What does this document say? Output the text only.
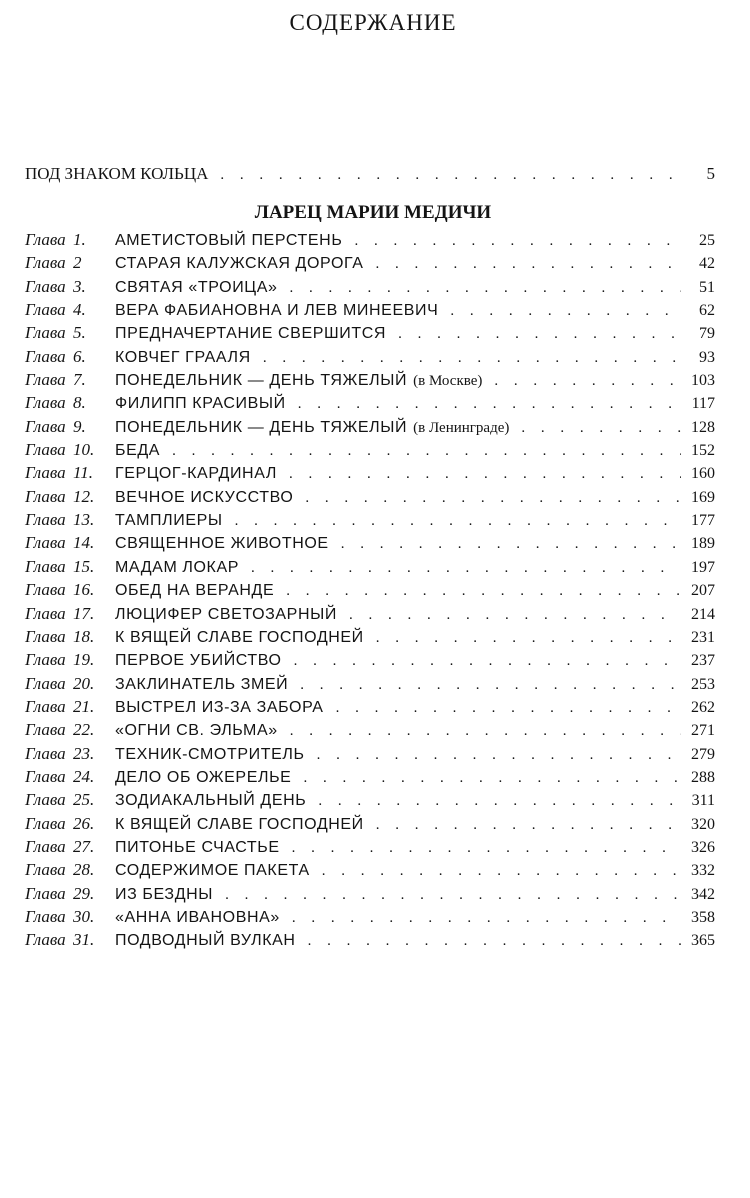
СОДЕРЖАНИЕ
ПОД ЗНАКОМ КОЛЬЦА . . .	5
ЛАРЕЦ МАРИИ МЕДИЧИ
Глава 1.	АМЕТИСТОВЫЙ ПЕРСТЕНЬ . . .	25
Глава 2	СТАРАЯ КАЛУЖСКАЯ ДОРОГА . . .	42
Глава 3.	СВЯТАЯ «ТРОИЦА» . . .	51
Глава 4.	ВЕРА ФАБИАНОВНА И ЛЕВ МИНЕЕВИЧ . . .	62
Глава 5.	ПРЕДНАЧЕРТАНИЕ СВЕРШИТСЯ . . .	79
Глава 6.	КОВЧЕГ ГРААЛЯ . . .	93
Глава 7.	ПОНЕДЕЛЬНИК — ДЕНЬ ТЯЖЕЛЫЙ (в Москве) . . .	103
Глава 8.	ФИЛИПП КРАСИВЫЙ . . .	117
Глава 9.	ПОНЕДЕЛЬНИК — ДЕНЬ ТЯЖЕЛЫЙ (в Ленинграде) . . .	128
Глава 10.	БЕДА . . .	152
Глава 11.	ГЕРЦОГ-КАРДИНАЛ . . .	160
Глава 12.	ВЕЧНОЕ ИСКУССТВО . . .	169
Глава 13.	ТАМПЛИЕРЫ . . .	177
Глава 14.	СВЯЩЕННОЕ ЖИВОТНОЕ . . .	189
Глава 15.	МАДАМ ЛОКАР . . .	197
Глава 16.	ОБЕД НА ВЕРАНДЕ . . .	207
Глава 17.	ЛЮЦИФЕР СВЕТОЗАРНЫЙ . . .	214
Глава 18.	К ВЯЩЕЙ СЛАВЕ ГОСПОДНЕЙ . . .	231
Глава 19.	ПЕРВОЕ УБИЙСТВО . . .	237
Глава 20.	ЗАКЛИНАТЕЛЬ ЗМЕЙ . . .	253
Глава 21.	ВЫСТРЕЛ ИЗ-ЗА ЗАБОРА . . .	262
Глава 22.	«ОГНИ СВ. ЭЛЬМА» . . .	271
Глава 23.	ТЕХНИК-СМОТРИТЕЛЬ . . .	279
Глава 24.	ДЕЛО ОБ ОЖЕРЕЛЬЕ . . .	288
Глава 25.	ЗОДИАКАЛЬНЫЙ ДЕНЬ . . .	311
Глава 26.	К ВЯЩЕЙ СЛАВЕ ГОСПОДНЕЙ . . .	320
Глава 27.	ПИТОНЬЕ СЧАСТЬЕ . . .	326
Глава 28.	СОДЕРЖИМОЕ ПАКЕТА . . .	332
Глава 29.	ИЗ БЕЗДНЫ . . .	342
Глава 30.	«АННА ИВАНОВНА» . . .	358
Глава 31.	ПОДВОДНЫЙ ВУЛКАН . . .	365
